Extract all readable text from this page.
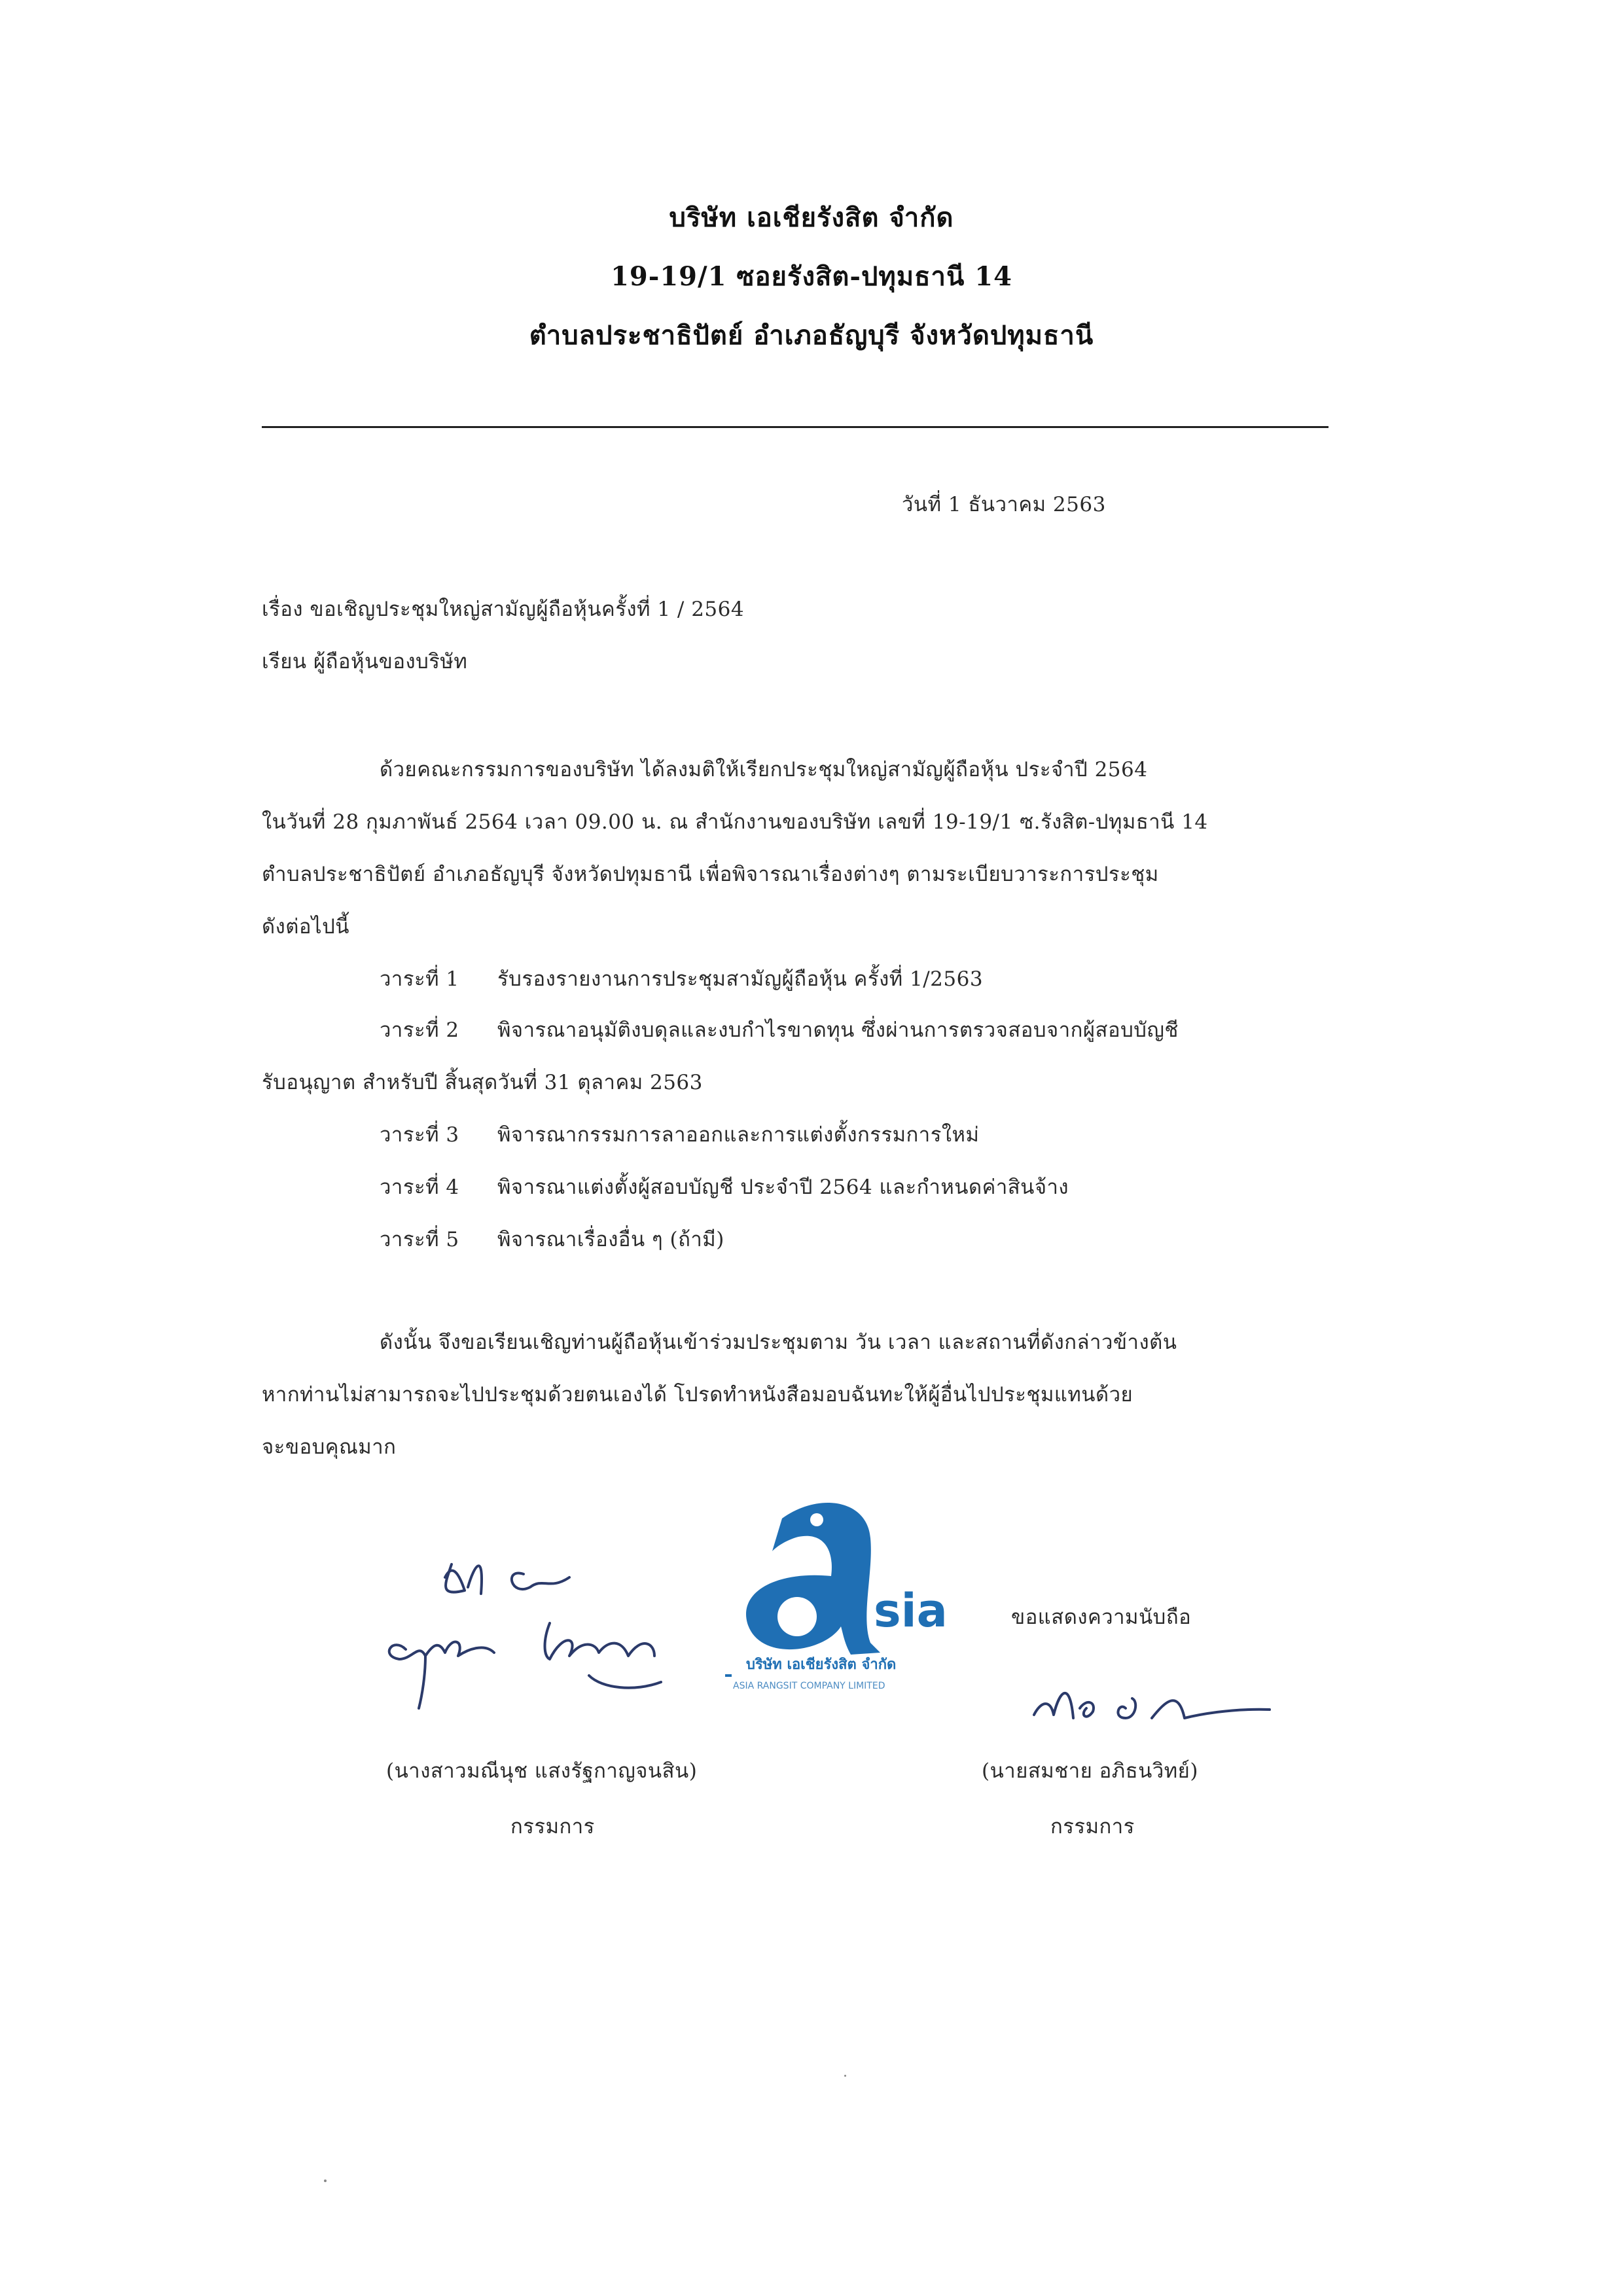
บริษัท เอเชียรังสิต จำกัด
19-19/1 ซอยรังสิต-ปทุมธานี 14
ตำบลประชาธิปัตย์ อำเภอธัญบุรี จังหวัดปทุมธานี
วันที่ 1 ธันวาคม 2563
เรื่อง ขอเชิญประชุมใหญ่สามัญผู้ถือหุ้นครั้งที่ 1 / 2564
เรียน ผู้ถือหุ้นของบริษัท
ด้วยคณะกรรมการของบริษัท ได้ลงมติให้เรียกประชุมใหญ่สามัญผู้ถือหุ้น ประจำปี 2564
ในวันที่ 28 กุมภาพันธ์ 2564 เวลา 09.00 น. ณ สำนักงานของบริษัท เลขที่ 19-19/1 ซ.รังสิต-ปทุมธานี 14
ตำบลประชาธิปัตย์ อำเภอธัญบุรี จังหวัดปทุมธานี เพื่อพิจารณาเรื่องต่างๆ ตามระเบียบวาระการประชุม
ดังต่อไปนี้
วาระที่ 1 รับรองรายงานการประชุมสามัญผู้ถือหุ้น ครั้งที่ 1/2563
วาระที่ 2 พิจารณาอนุมัติงบดุลและงบกำไรขาดทุน ซึ่งผ่านการตรวจสอบจากผู้สอบบัญชี
รับอนุญาต สำหรับปี สิ้นสุดวันที่ 31 ตุลาคม 2563
วาระที่ 3 พิจารณากรรมการลาออกและการแต่งตั้งกรรมการใหม่
วาระที่ 4 พิจารณาแต่งตั้งผู้สอบบัญชี ประจำปี 2564 และกำหนดค่าสินจ้าง
วาระที่ 5 พิจารณาเรื่องอื่น ๆ (ถ้ามี)
ดังนั้น จึงขอเรียนเชิญท่านผู้ถือหุ้นเข้าร่วมประชุมตาม วัน เวลา และสถานที่ดังกล่าวข้างต้น
หากท่านไม่สามารถจะไปประชุมด้วยตนเองได้ โปรดทำหนังสือมอบฉันทะให้ผู้อื่นไปประชุมแทนด้วย
จะขอบคุณมาก
sia
บริษัท เอเชียรังสิต จำกัด
ASIA RANGSIT COMPANY LIMITED
ขอแสดงความนับถือ
(นางสาวมณีนุช แสงรัฐกาญจนสิน)
กรรมการ
(นายสมชาย อภิธนวิทย์)
กรรมการ
